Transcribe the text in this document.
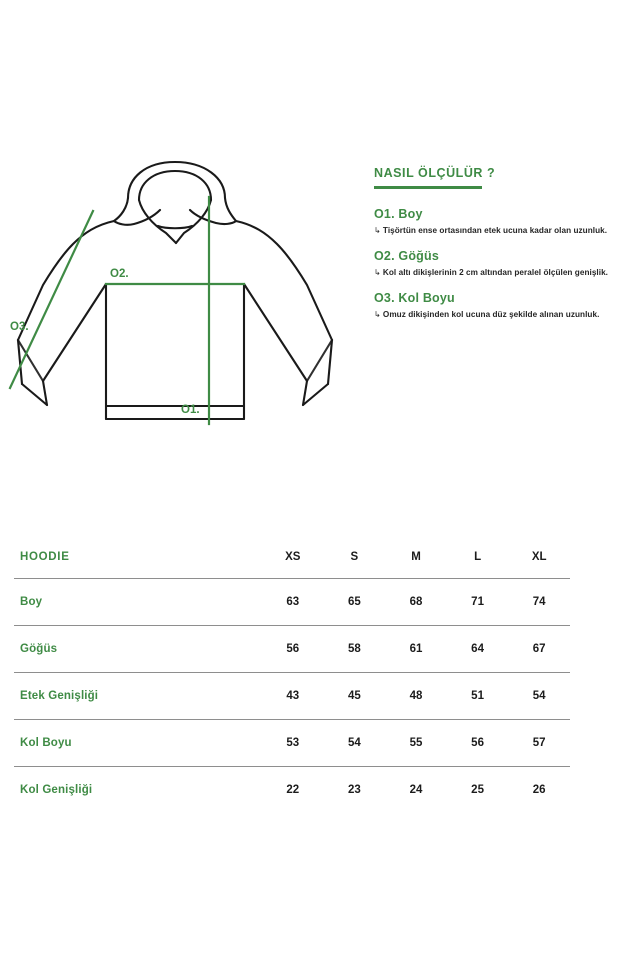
O1.
O2.
O3.
NASIL ÖLÇÜLÜR ?

O1. Boy

↳ Tişörtün ense ortasından etek ucuna kadar olan uzunluk.

O2. Göğüs

↳ Kol altı dikişlerinin 2 cm altından peralel ölçülen genişlik.

O3. Kol Boyu

↳ Omuz dikişinden kol ucuna düz şekilde alınan uzunluk.

HOODIE	XS	S	M	L	XL
Boy	63	65	68	71	74
Göğüs	56	58	61	64	67
Etek Genişliği	43	45	48	51	54
Kol Boyu	53	54	55	56	57
Kol Genişliği	22	23	24	25	26
